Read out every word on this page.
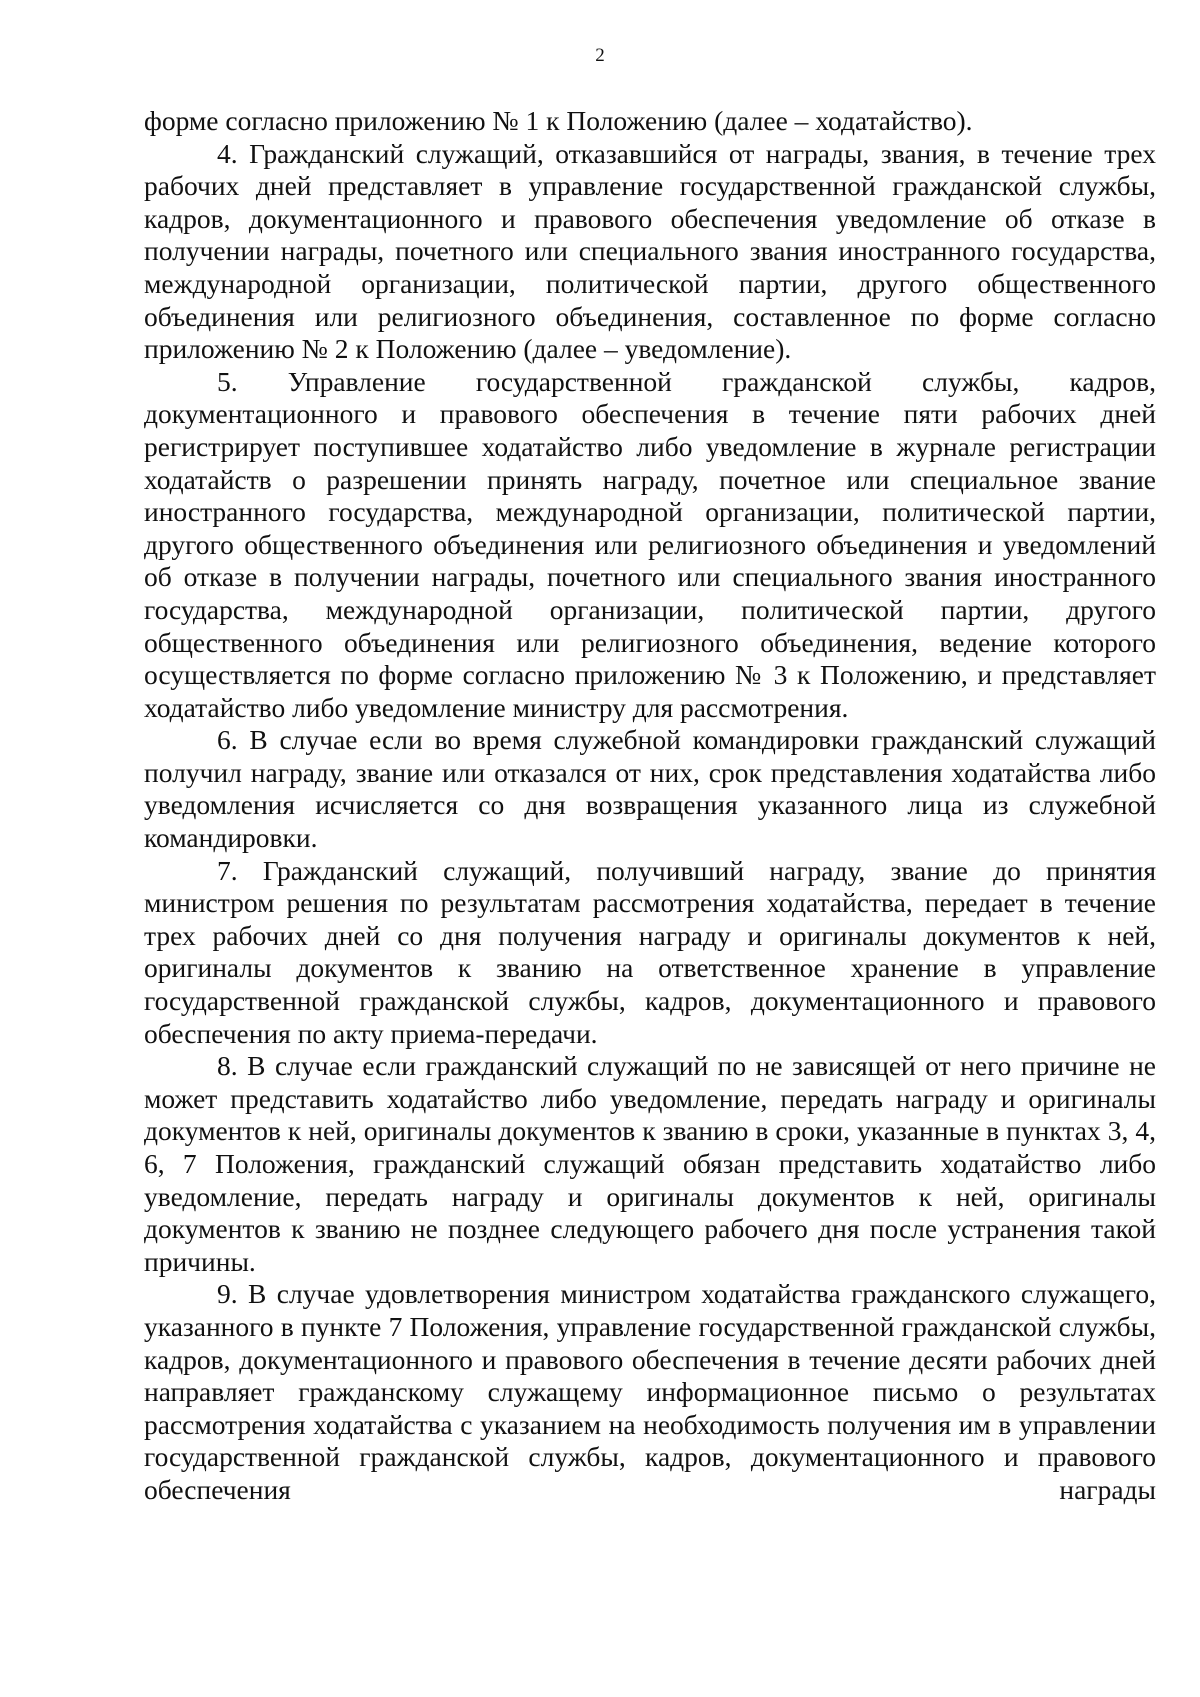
2

форме согласно приложению № 1 к Положению (далее – ходатайство).

4. Гражданский служащий, отказавшийся от награды, звания, в течение трех рабочих дней представляет в управление государственной гражданской службы, кадров, документационного и правового обеспечения уведомление об отказе в получении награды, почетного или специального звания иностранного государства, международной организации, политической партии, другого общественного объединения или религиозного объединения, составленное по форме согласно приложению № 2 к Положению (далее – уведомление).

5. Управление государственной гражданской службы, кадров, документационного и правового обеспечения в течение пяти рабочих дней регистрирует поступившее ходатайство либо уведомление в журнале регистрации ходатайств о разрешении принять награду, почетное или специальное звание иностранного государства, международной организации, политической партии, другого общественного объединения или религиозного объединения и уведомлений об отказе в получении награды, почетного или специального звания иностранного государства, международной организации, политической партии, другого общественного объединения или религиозного объединения, ведение которого осуществляется по форме согласно приложению № 3 к Положению, и представляет ходатайство либо уведомление министру для рассмотрения.

6. В случае если во время служебной командировки гражданский служащий получил награду, звание или отказался от них, срок представления ходатайства либо уведомления исчисляется со дня возвращения указанного лица из служебной командировки.

7. Гражданский служащий, получивший награду, звание до принятия министром решения по результатам рассмотрения ходатайства, передает в течение трех рабочих дней со дня получения награду и оригиналы документов к ней, оригиналы документов к званию на ответственное хранение в управление государственной гражданской службы, кадров, документационного и правового обеспечения по акту приема-передачи.

8. В случае если гражданский служащий по не зависящей от него причине не может представить ходатайство либо уведомление, передать награду и оригиналы документов к ней, оригиналы документов к званию в сроки, указанные в пунктах 3, 4, 6, 7 Положения, гражданский служащий обязан представить ходатайство либо уведомление, передать награду и оригиналы документов к ней, оригиналы документов к званию не позднее следующего рабочего дня после устранения такой причины.

9. В случае удовлетворения министром ходатайства гражданского служащего, указанного в пункте 7 Положения, управление государственной гражданской службы, кадров, документационного и правового обеспечения в течение десяти рабочих дней направляет гражданскому служащему информационное письмо о результатах рассмотрения ходатайства с указанием на необходимость получения им в управлении государственной гражданской службы, кадров, документационного и правового обеспечения награды
